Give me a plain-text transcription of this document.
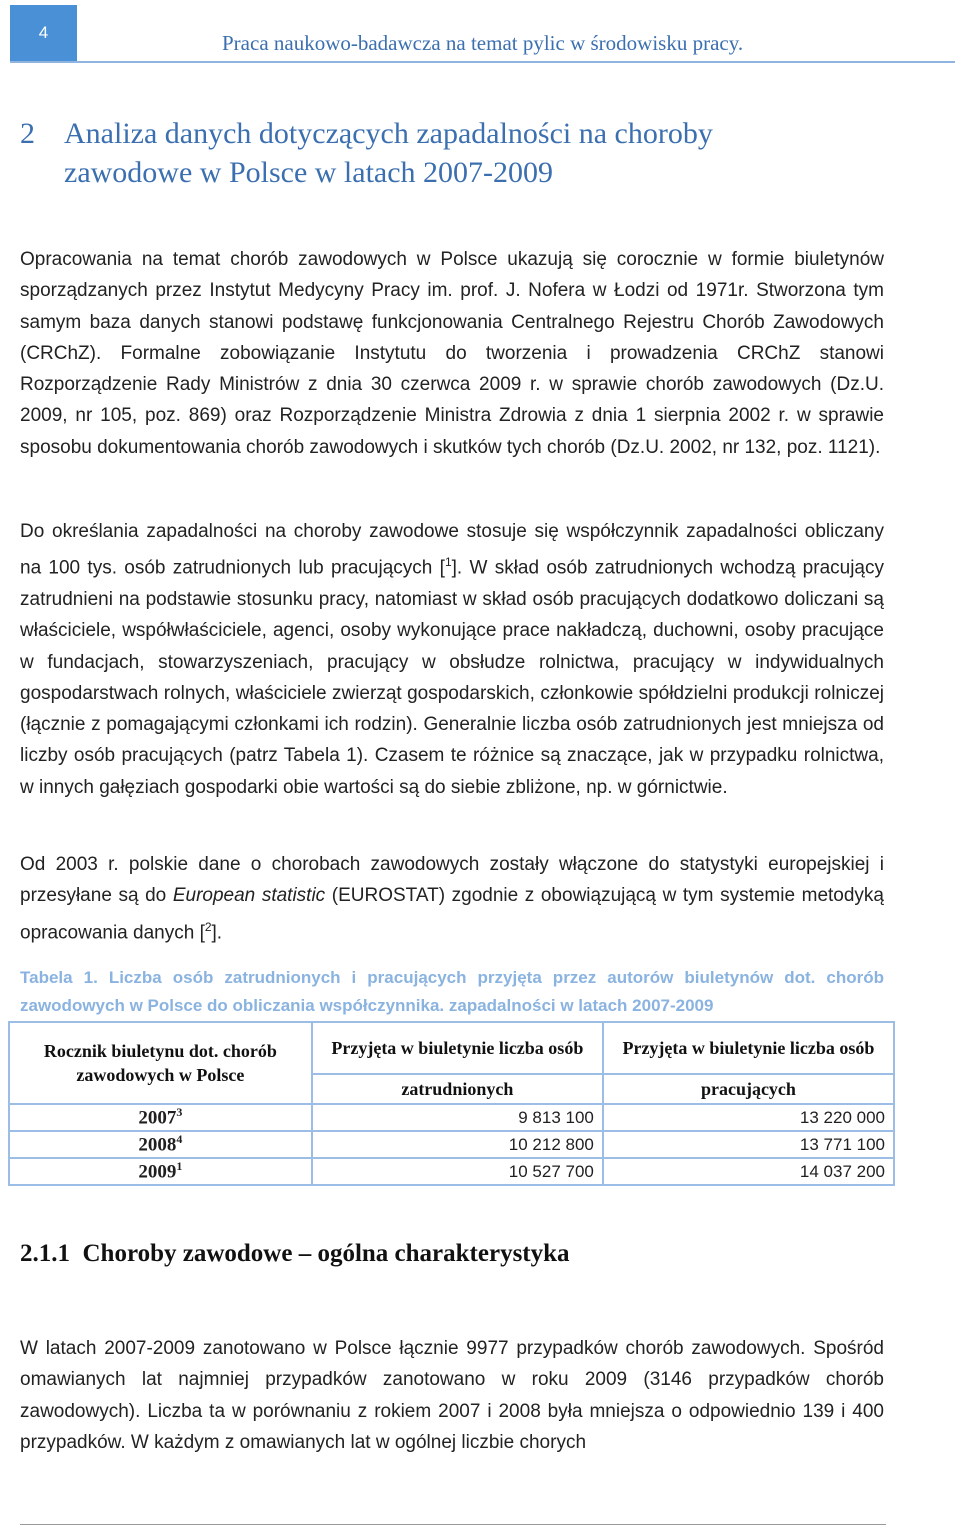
4	Praca naukowo-badawcza na temat pylic w środowisku pracy.
2 Analiza danych dotyczących zapadalności na choroby
zawodowe w Polsce w latach 2007-2009
Opracowania na temat chorób zawodowych w Polsce ukazują się corocznie w formie biuletynów sporządzanych przez Instytut Medycyny Pracy im. prof. J. Nofera w Łodzi od 1971r. Stworzona tym samym baza danych stanowi podstawę funkcjonowania Centralnego Rejestru Chorób Zawodowych (CRChZ). Formalne zobowiązanie Instytutu do tworzenia i prowadzenia CRChZ stanowi Rozporządzenie Rady Ministrów z dnia 30 czerwca 2009 r. w sprawie chorób zawodowych (Dz.U. 2009, nr 105, poz. 869) oraz Rozporządzenie Ministra Zdrowia z dnia 1 sierpnia 2002 r. w sprawie sposobu dokumentowania chorób zawodowych i skutków tych chorób (Dz.U. 2002, nr 132, poz. 1121).
Do określania zapadalności na choroby zawodowe stosuje się współczynnik zapadalności obliczany na 100 tys. osób zatrudnionych lub pracujących [$^1$]. W skład osób zatrudnionych wchodzą pracujący zatrudnieni na podstawie stosunku pracy, natomiast w skład osób pracujących dodatkowo doliczani są właściciele, współwłaściciele, agenci, osoby wykonujące prace nakładczą, duchowni, osoby pracujące w fundacjach, stowarzyszeniach, pracujący w obsłudze rolnictwa, pracujący w indywidualnych gospodarstwach rolnych, właściciele zwierząt gospodarskich, członkowie spółdzielni produkcji rolniczej (łącznie z pomagającymi członkami ich rodzin). Generalnie liczba osób zatrudnionych jest mniejsza od liczby osób pracujących (patrz Tabela 1). Czasem te różnice są znaczące, jak w przypadku rolnictwa, w innych gałęziach gospodarki obie wartości są do siebie zbliżone, np. w górnictwie.
Od 2003 r. polskie dane o chorobach zawodowych zostały włączone do statystyki europejskiej i przesyłane są do European statistic (EUROSTAT) zgodnie z obowiązującą w tym systemie metodyką opracowania danych [$^2$].
Tabela 1. Liczba osób zatrudnionych i pracujących przyjęta przez autorów biuletynów dot. chorób zawodowych w Polsce do obliczania współczynnika. zapadalności w latach 2007-2009
Rocznik biuletynu dot. chorób zawodowych w Polsce	Przyjęta w biuletynie liczba osób	Przyjęta w biuletynie liczba osób
	zatrudnionych	pracujących
2007$^3$	9 813 100	13 220 000
2008$^4$	10 212 800	13 771 100
2009$^1$	10 527 700	14 037 200
2.1.1 Choroby zawodowe – ogólna charakterystyka
W latach 2007-2009 zanotowano w Polsce łącznie 9977 przypadków chorób zawodowych. Spośród omawianych lat najmniej przypadków zanotowano w roku 2009 (3146 przypadków chorób zawodowych). Liczba ta w porównaniu z rokiem 2007 i 2008 była mniejsza o odpowiednio 139 i 400 przypadków. W każdym z omawianych lat w ogólnej liczbie chorych
